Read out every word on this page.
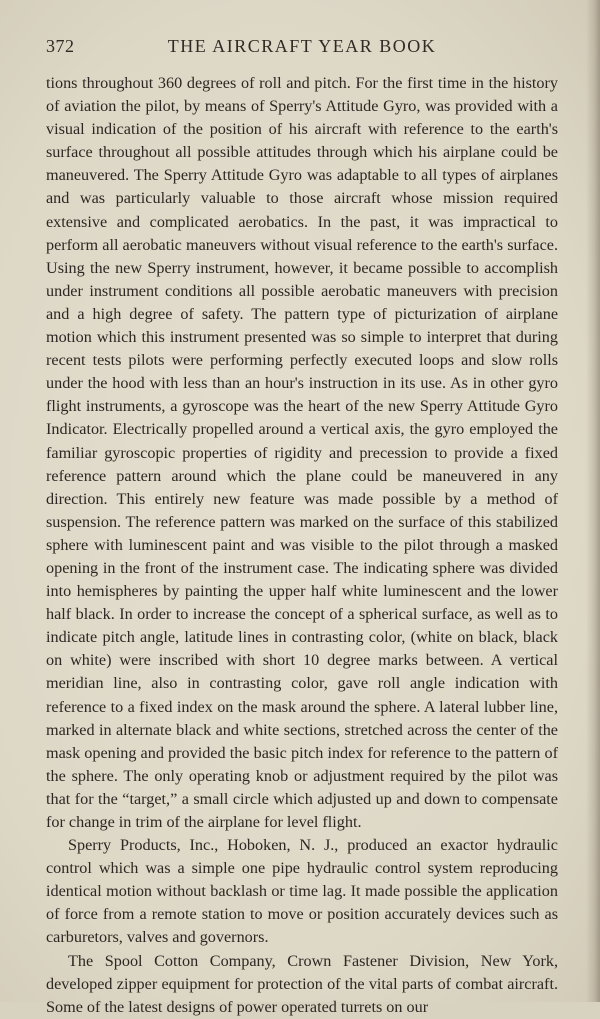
372	THE AIRCRAFT YEAR BOOK

tions throughout 360 degrees of roll and pitch. For the first time in the history of aviation the pilot, by means of Sperry's Attitude Gyro, was provided with a visual indication of the position of his aircraft with reference to the earth's surface throughout all possible attitudes through which his airplane could be maneuvered. The Sperry Attitude Gyro was adaptable to all types of airplanes and was particularly valuable to those aircraft whose mission required extensive and complicated aerobatics. In the past, it was impractical to perform all aerobatic maneuvers without visual reference to the earth's surface. Using the new Sperry instrument, however, it became possible to accomplish under instrument conditions all possible aerobatic maneuvers with precision and a high degree of safety. The pattern type of picturization of airplane motion which this instrument presented was so simple to interpret that during recent tests pilots were performing perfectly executed loops and slow rolls under the hood with less than an hour's instruction in its use. As in other gyro flight instruments, a gyroscope was the heart of the new Sperry Attitude Gyro Indicator. Electrically propelled around a vertical axis, the gyro employed the familiar gyroscopic properties of rigidity and precession to provide a fixed reference pattern around which the plane could be maneuvered in any direction. This entirely new feature was made possible by a method of suspension. The reference pattern was marked on the surface of this stabilized sphere with luminescent paint and was visible to the pilot through a masked opening in the front of the instrument case. The indicating sphere was divided into hemispheres by painting the upper half white luminescent and the lower half black. In order to increase the concept of a spherical surface, as well as to indicate pitch angle, latitude lines in contrasting color, (white on black, black on white) were inscribed with short 10 degree marks between. A vertical meridian line, also in contrasting color, gave roll angle indication with reference to a fixed index on the mask around the sphere. A lateral lubber line, marked in alternate black and white sections, stretched across the center of the mask opening and provided the basic pitch index for reference to the pattern of the sphere. The only operating knob or adjustment required by the pilot was that for the “target,” a small circle which adjusted up and down to compensate for change in trim of the airplane for level flight.

Sperry Products, Inc., Hoboken, N. J., produced an exactor hydraulic control which was a simple one pipe hydraulic control system reproducing identical motion without backlash or time lag. It made possible the application of force from a remote station to move or position accurately devices such as carburetors, valves and governors.

The Spool Cotton Company, Crown Fastener Division, New York, developed zipper equipment for protection of the vital parts of combat aircraft. Some of the latest designs of power operated turrets on our
